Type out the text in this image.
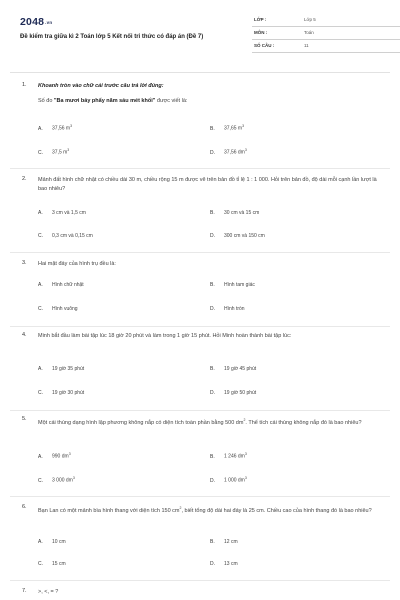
$2048^{.vn}$
Đề kiểm tra giữa kì 2 Toán lớp 5 Kết nối tri thức có đáp án (Đề 7)
LỚP :	Lớp 5
MÔN :	Toán
SỐ CÂU :	11
1. Khoanh tròn vào chữ cái trước câu trả lời đúng:
Số đo "Ba mươi bảy phẩy năm sáu mét khối" được viết là:
A. 37,56 $m^3$	B. 37,65 $m^3$
C. 37,5 $m^3$	D. 37,56 $dm^3$
2. Mảnh đất hình chữ nhật có chiều dài 30 m, chiều rộng 15 m được vẽ trên bản đồ tỉ lệ 1 : 1 000. Hỏi trên bản đồ, độ dài mỗi cạnh lần lượt là bao nhiêu?
A. 3 cm và 1,5 cm	B. 30 cm và 15 cm
C. 0,3 cm và 0,15 cm	D. 300 cm và 150 cm
3. Hai mặt đáy của hình trụ đều là:
A. Hình chữ nhật	B. Hình tam giác
C. Hình vuông	D. Hình tròn
4. Minh bắt đầu làm bài tập lúc 18 giờ 20 phút và làm trong 1 giờ 15 phút. Hỏi Minh hoàn thành bài tập lúc:
A. 19 giờ 35 phút	B. 19 giờ 45 phút
C. 19 giờ 30 phút	D. 19 giờ 50 phút
5.
Một cái thùng dạng hình lập phương không nắp có diện tích toàn phần bằng 500 $dm^2$. Thể tích cái thùng không nắp đó là bao nhiêu?
A. 990 $dm^3$	B. 1 246 $dm^3$
C. 3 000 $dm^3$	D. 1 000 $dm^3$
6.
Bạn Lan có một mảnh bìa hình thang với diện tích 150 $cm^2$, biết tổng độ dài hai đáy là 25 cm. Chiều cao của hình thang đó là bao nhiêu?
A. 10 cm	B. 12 cm
C. 15 cm	D. 13 cm
7. >, <, = ?
